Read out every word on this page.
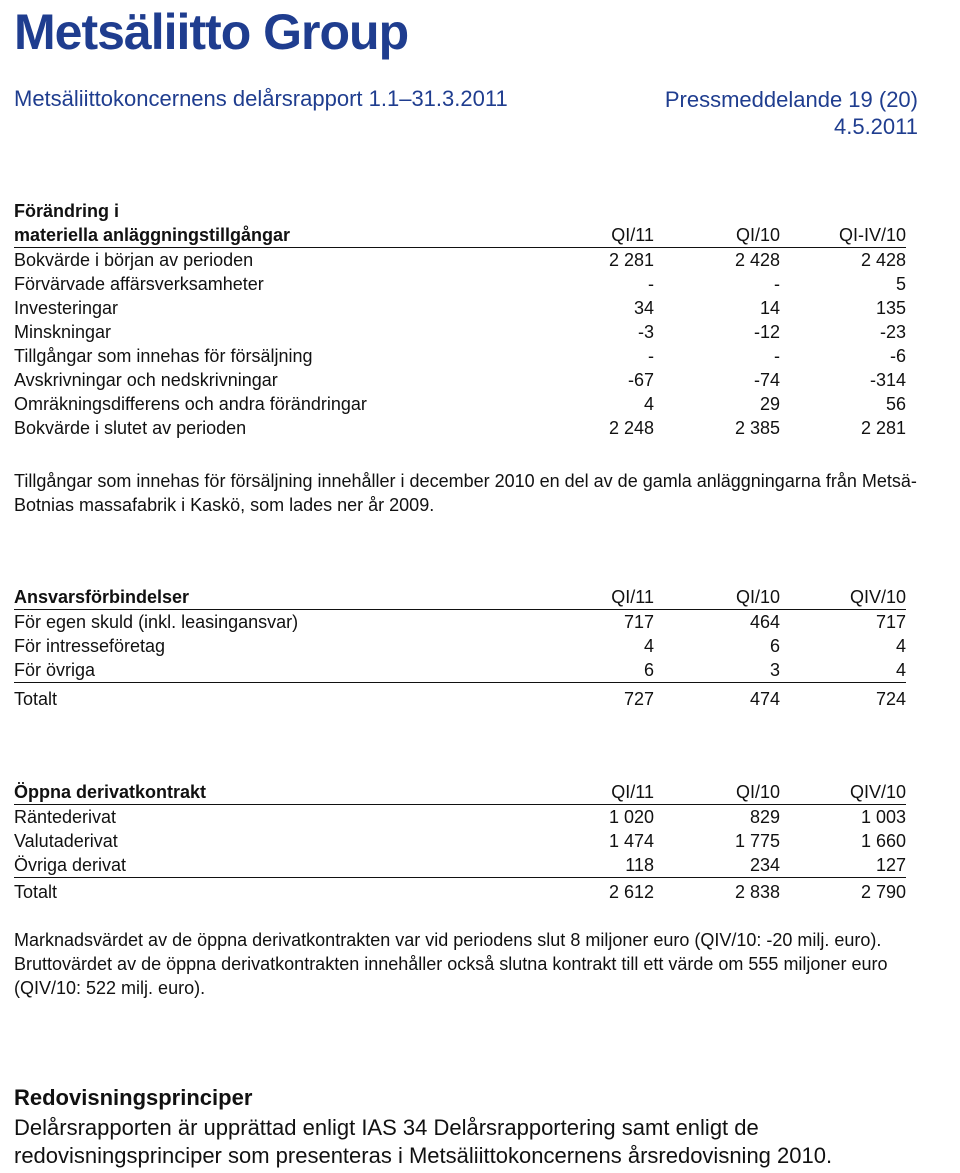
Metsäliitto Group
Metsäliittokoncernens delårsrapport 1.1–31.3.2011	Pressmeddelande 19 (20)
4.5.2011
Förändring i
materiella anläggningstillgångar	QI/11	QI/10	QI-IV/10
Bokvärde i början av perioden	2 281	2 428	2 428
Förvärvade affärsverksamheter	-	-	5
Investeringar	34	14	135
Minskningar	-3	-12	-23
Tillgångar som innehas för försäljning	-	-	-6
Avskrivningar och nedskrivningar	-67	-74	-314
Omräkningsdifferens och andra förändringar	4	29	56
Bokvärde i slutet av perioden	2 248	2 385	2 281
Tillgångar som innehas för försäljning innehåller i december 2010 en del av de gamla anläggningarna från Metsä-Botnias massafabrik i Kaskö, som lades ner år 2009.
Ansvarsförbindelser	QI/11	QI/10	QIV/10
För egen skuld (inkl. leasingansvar)	717	464	717
För intresseföretag	4	6	4
För övriga	6	3	4
Totalt	727	474	724
Öppna derivatkontrakt	QI/11	QI/10	QIV/10
Räntederivat	1 020	829	1 003
Valutaderivat	1 474	1 775	1 660
Övriga derivat	118	234	127
Totalt	2 612	2 838	2 790
Marknadsvärdet av de öppna derivatkontrakten var vid periodens slut 8 miljoner euro (QIV/10: -20 milj. euro). Bruttovärdet av de öppna derivatkontrakten innehåller också slutna kontrakt till ett värde om 555 miljoner euro (QIV/10: 522 milj. euro).
Redovisningsprinciper
Delårsrapporten är upprättad enligt IAS 34 Delårsrapportering samt enligt de redovisningsprinciper som presenteras i Metsäliittokoncernens årsredovisning 2010.
